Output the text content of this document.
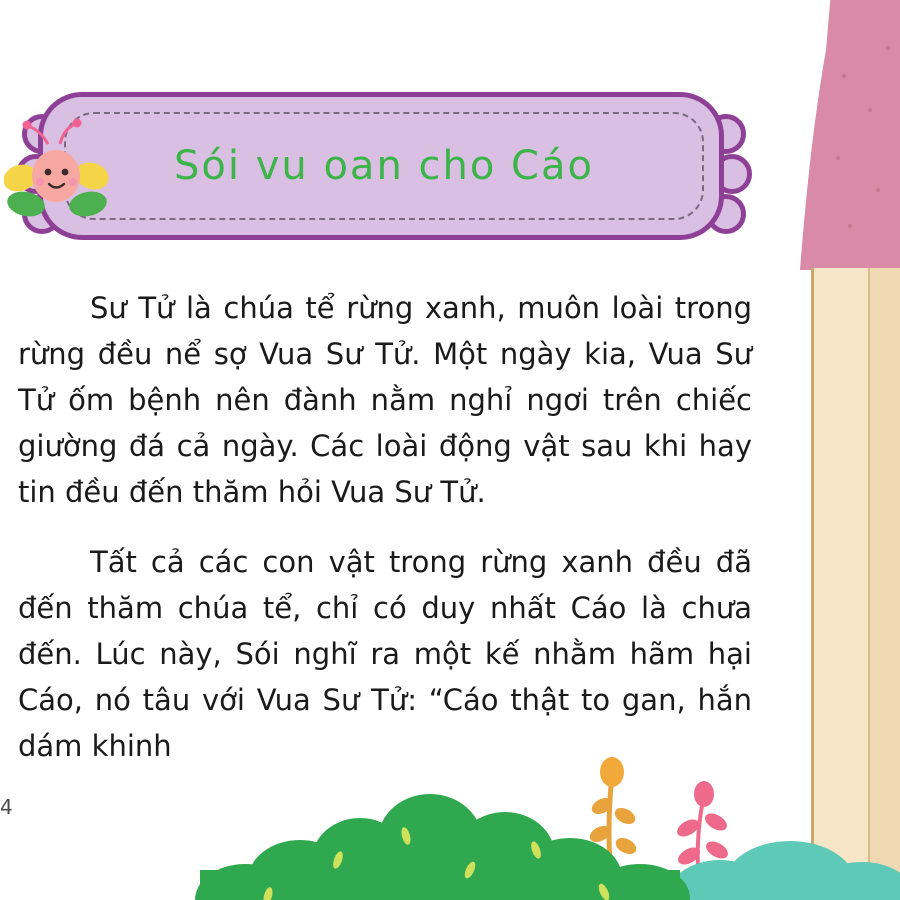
Sói vu oan cho Cáo

Sư Tử là chúa tể rừng xanh, muôn loài trong rừng đều nể sợ Vua Sư Tử. Một ngày kia, Vua Sư Tử ốm bệnh nên đành nằm nghỉ ngơi trên chiếc giường đá cả ngày. Các loài động vật sau khi hay tin đều đến thăm hỏi Vua Sư Tử.

Tất cả các con vật trong rừng xanh đều đã đến thăm chúa tể, chỉ có duy nhất Cáo là chưa đến. Lúc này, Sói nghĩ ra một kế nhằm hãm hại Cáo, nó tâu với Vua Sư Tử: “Cáo thật to gan, hắn dám khinh

4
